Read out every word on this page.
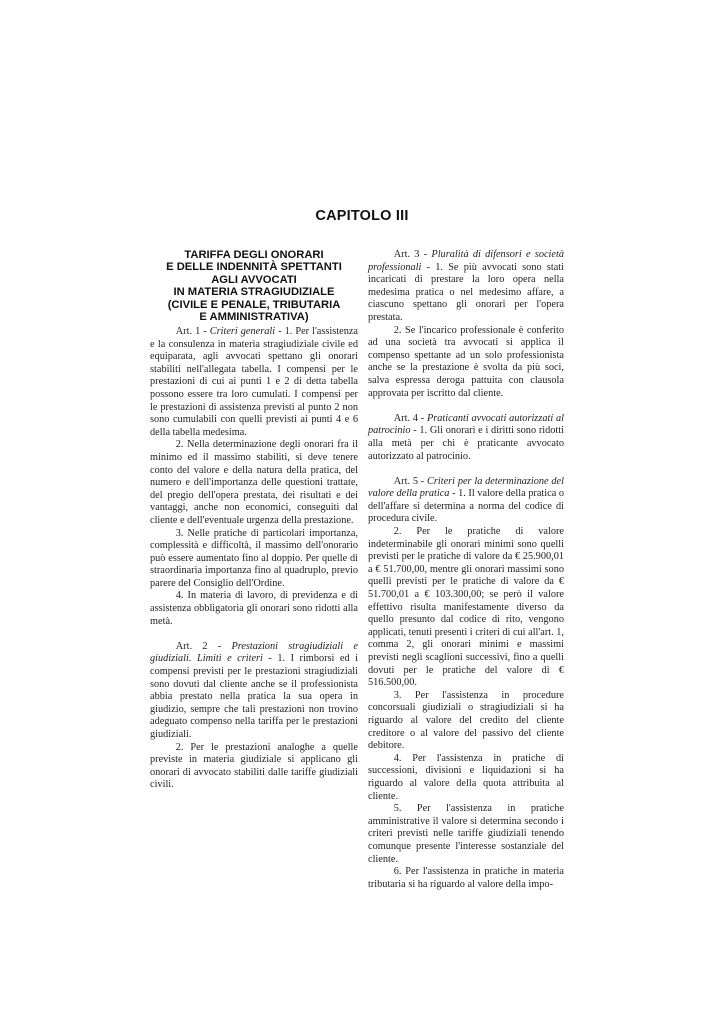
CAPITOLO III
TARIFFA DEGLI ONORARI
E DELLE INDENNITÀ SPETTANTI
AGLI AVVOCATI
IN MATERIA STRAGIUDIZIALE
(CIVILE E PENALE, TRIBUTARIA
E AMMINISTRATIVA)

Art. 1 - Criteri generali - 1. Per l'assistenza e la consulenza in materia stragiudiziale civile ed equiparata, agli avvocati spettano gli onorari stabiliti nell'allegata tabella. I compensi per le prestazioni di cui ai punti 1 e 2 di detta tabella possono essere tra loro cumulati. I compensi per le prestazioni di assistenza previsti al punto 2 non sono cumulabili con quelli previsti ai punti 4 e 6 della tabella medesima.

2. Nella determinazione degli onorari fra il minimo ed il massimo stabiliti, si deve tenere conto del valore e della natura della pratica, del numero e dell'importanza delle questioni trattate, del pregio dell'opera prestata, dei risultati e dei vantaggi, anche non economici, conseguiti dal cliente e dell'eventuale urgenza della prestazione.

3. Nelle pratiche di particolari importanza, complessità e difficoltà, il massimo dell'onorario può essere aumentato fino al doppio. Per quelle di straordinaria importanza fino al quadruplo, previo parere del Consiglio dell'Ordine.

4. In materia di lavoro, di previdenza e di assistenza obbligatoria gli onorari sono ridotti alla metà.

Art. 2 - Prestazioni stragiudiziali e giudiziali. Limiti e criteri - 1. I rimborsi ed i compensi previsti per le prestazioni stragiudiziali sono dovuti dal cliente anche se il professionista abbia prestato nella pratica la sua opera in giudizio, sempre che tali prestazioni non trovino adeguato compenso nella tariffa per le prestazioni giudiziali.

2. Per le prestazioni analoghe a quelle previste in materia giudiziale si applicano gli onorari di avvocato stabiliti dalle tariffe giudiziali civili.

Art. 3 - Pluralità di difensori e società professionali - 1. Se più avvocati sono stati incaricati di prestare la loro opera nella medesima pratica o nel medesimo affare, a ciascuno spettano gli onorari per l'opera prestata.

2. Se l'incarico professionale è conferito ad una società tra avvocati si applica il compenso spettante ad un solo professionista anche se la prestazione è svolta da più soci, salva espressa deroga pattuita con clausola approvata per iscritto dal cliente.

Art. 4 - Praticanti avvocati autorizzati al patrocinio - 1. Gli onorari e i diritti sono ridotti alla metà per chi è praticante avvocato autorizzato al patrocinio.

Art. 5 - Criteri per la determinazione del valore della pratica - 1. Il valore della pratica o dell'affare si determina a norma del codice di procedura civile.

2. Per le pratiche di valore indeterminabile gli onorari minimi sono quelli previsti per le pratiche di valore da € 25.900,01 a € 51.700,00, mentre gli onorari massimi sono quelli previsti per le pratiche di valore da € 51.700,01 a € 103.300,00; se però il valore effettivo risulta manifestamente diverso da quello presunto dal codice di rito, vengono applicati, tenuti presenti i criteri di cui all'art. 1, comma 2, gli onorari minimi e massimi previsti negli scaglioni successivi, fino a quelli dovuti per le pratiche del valore di € 516.500,00.

3. Per l'assistenza in procedure concorsuali giudiziali o stragiudiziali si ha riguardo al valore del credito del cliente creditore o al valore del passivo del cliente debitore.

4. Per l'assistenza in pratiche di successioni, divisioni e liquidazioni si ha riguardo al valore della quota attribuita al cliente.

5. Per l'assistenza in pratiche amministrative il valore si determina secondo i criteri previsti nelle tariffe giudiziali tenendo comunque presente l'interesse sostanziale del cliente.

6. Per l'assistenza in pratiche in materia tributaria si ha riguardo al valore della impo-
